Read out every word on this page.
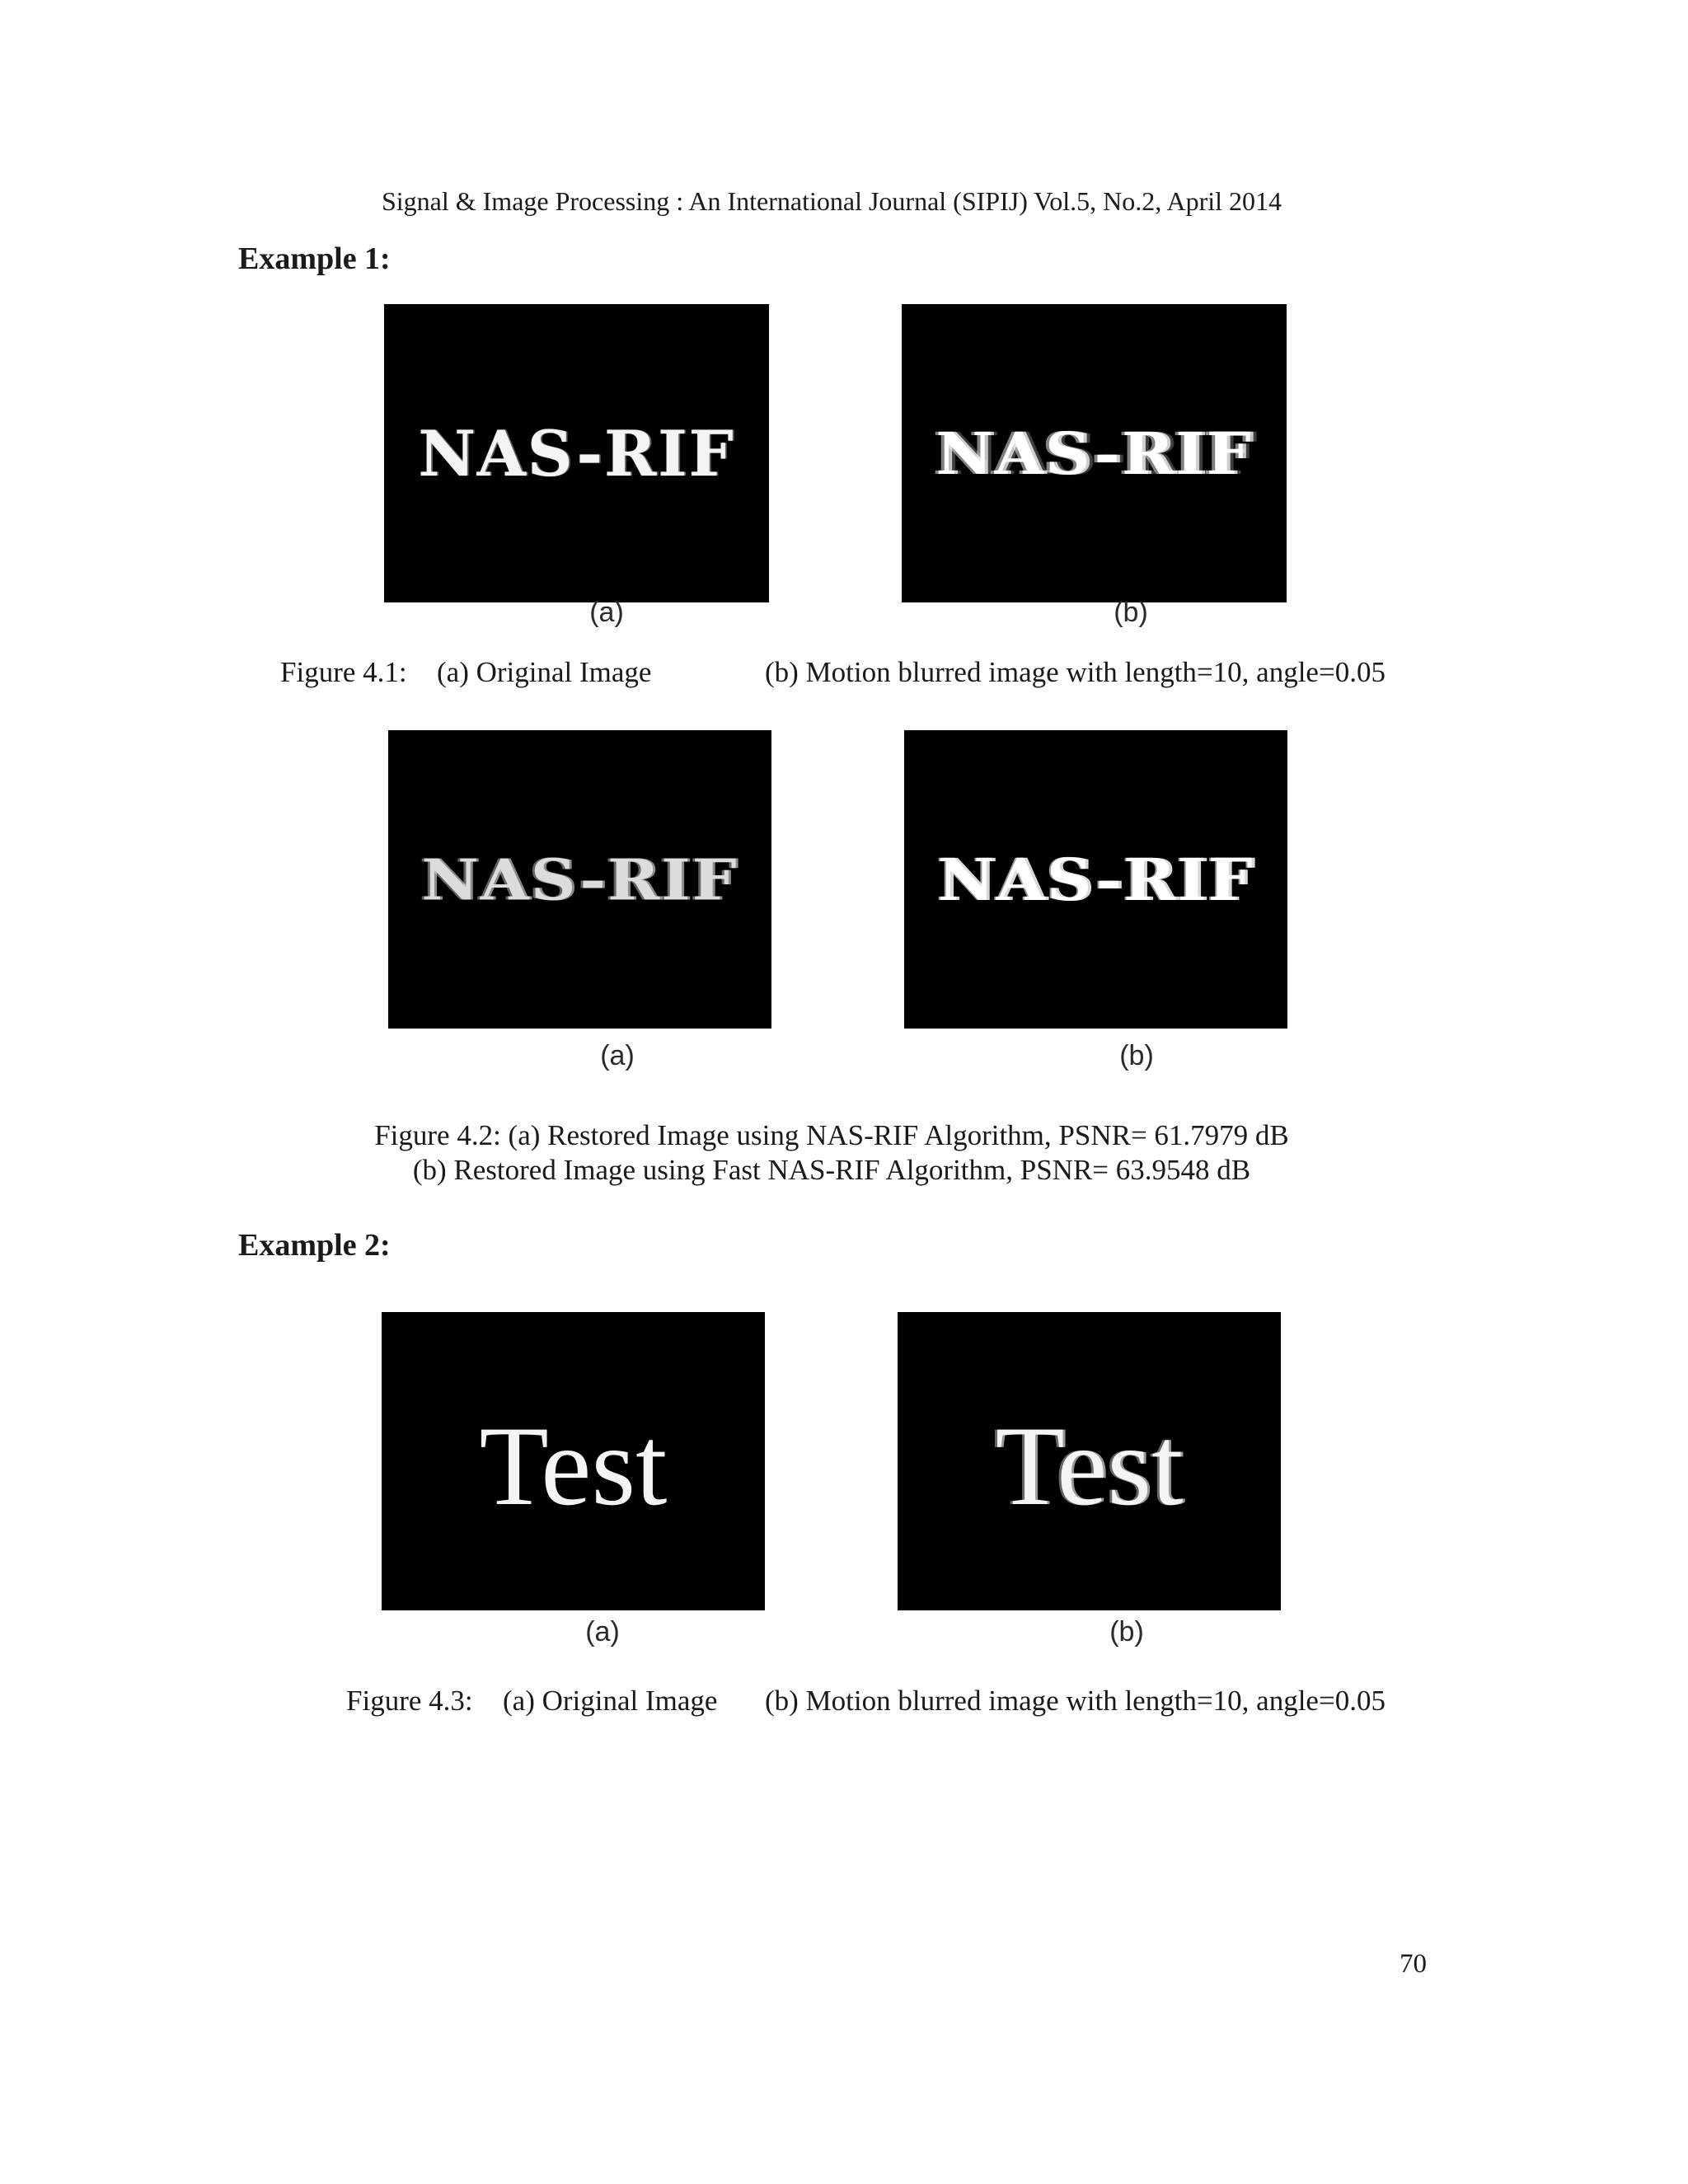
Signal & Image Processing : An International Journal (SIPIJ) Vol.5, No.2, April 2014
Example 1:
NAS-RIF	NAS-RIF
(a)	(b)
Figure 4.1: (a) Original Image	(b) Motion blurred image with length=10, angle=0.05
NAS-RIF	NAS-RIF
(a)	(b)
Figure 4.2: (a) Restored Image using NAS-RIF Algorithm, PSNR= 61.7979 dB
(b) Restored Image using Fast NAS-RIF Algorithm, PSNR= 63.9548 dB
Example 2:
Test	Test
(a)	(b)
Figure 4.3: (a) Original Image (b) Motion blurred image with length=10, angle=0.05
70
